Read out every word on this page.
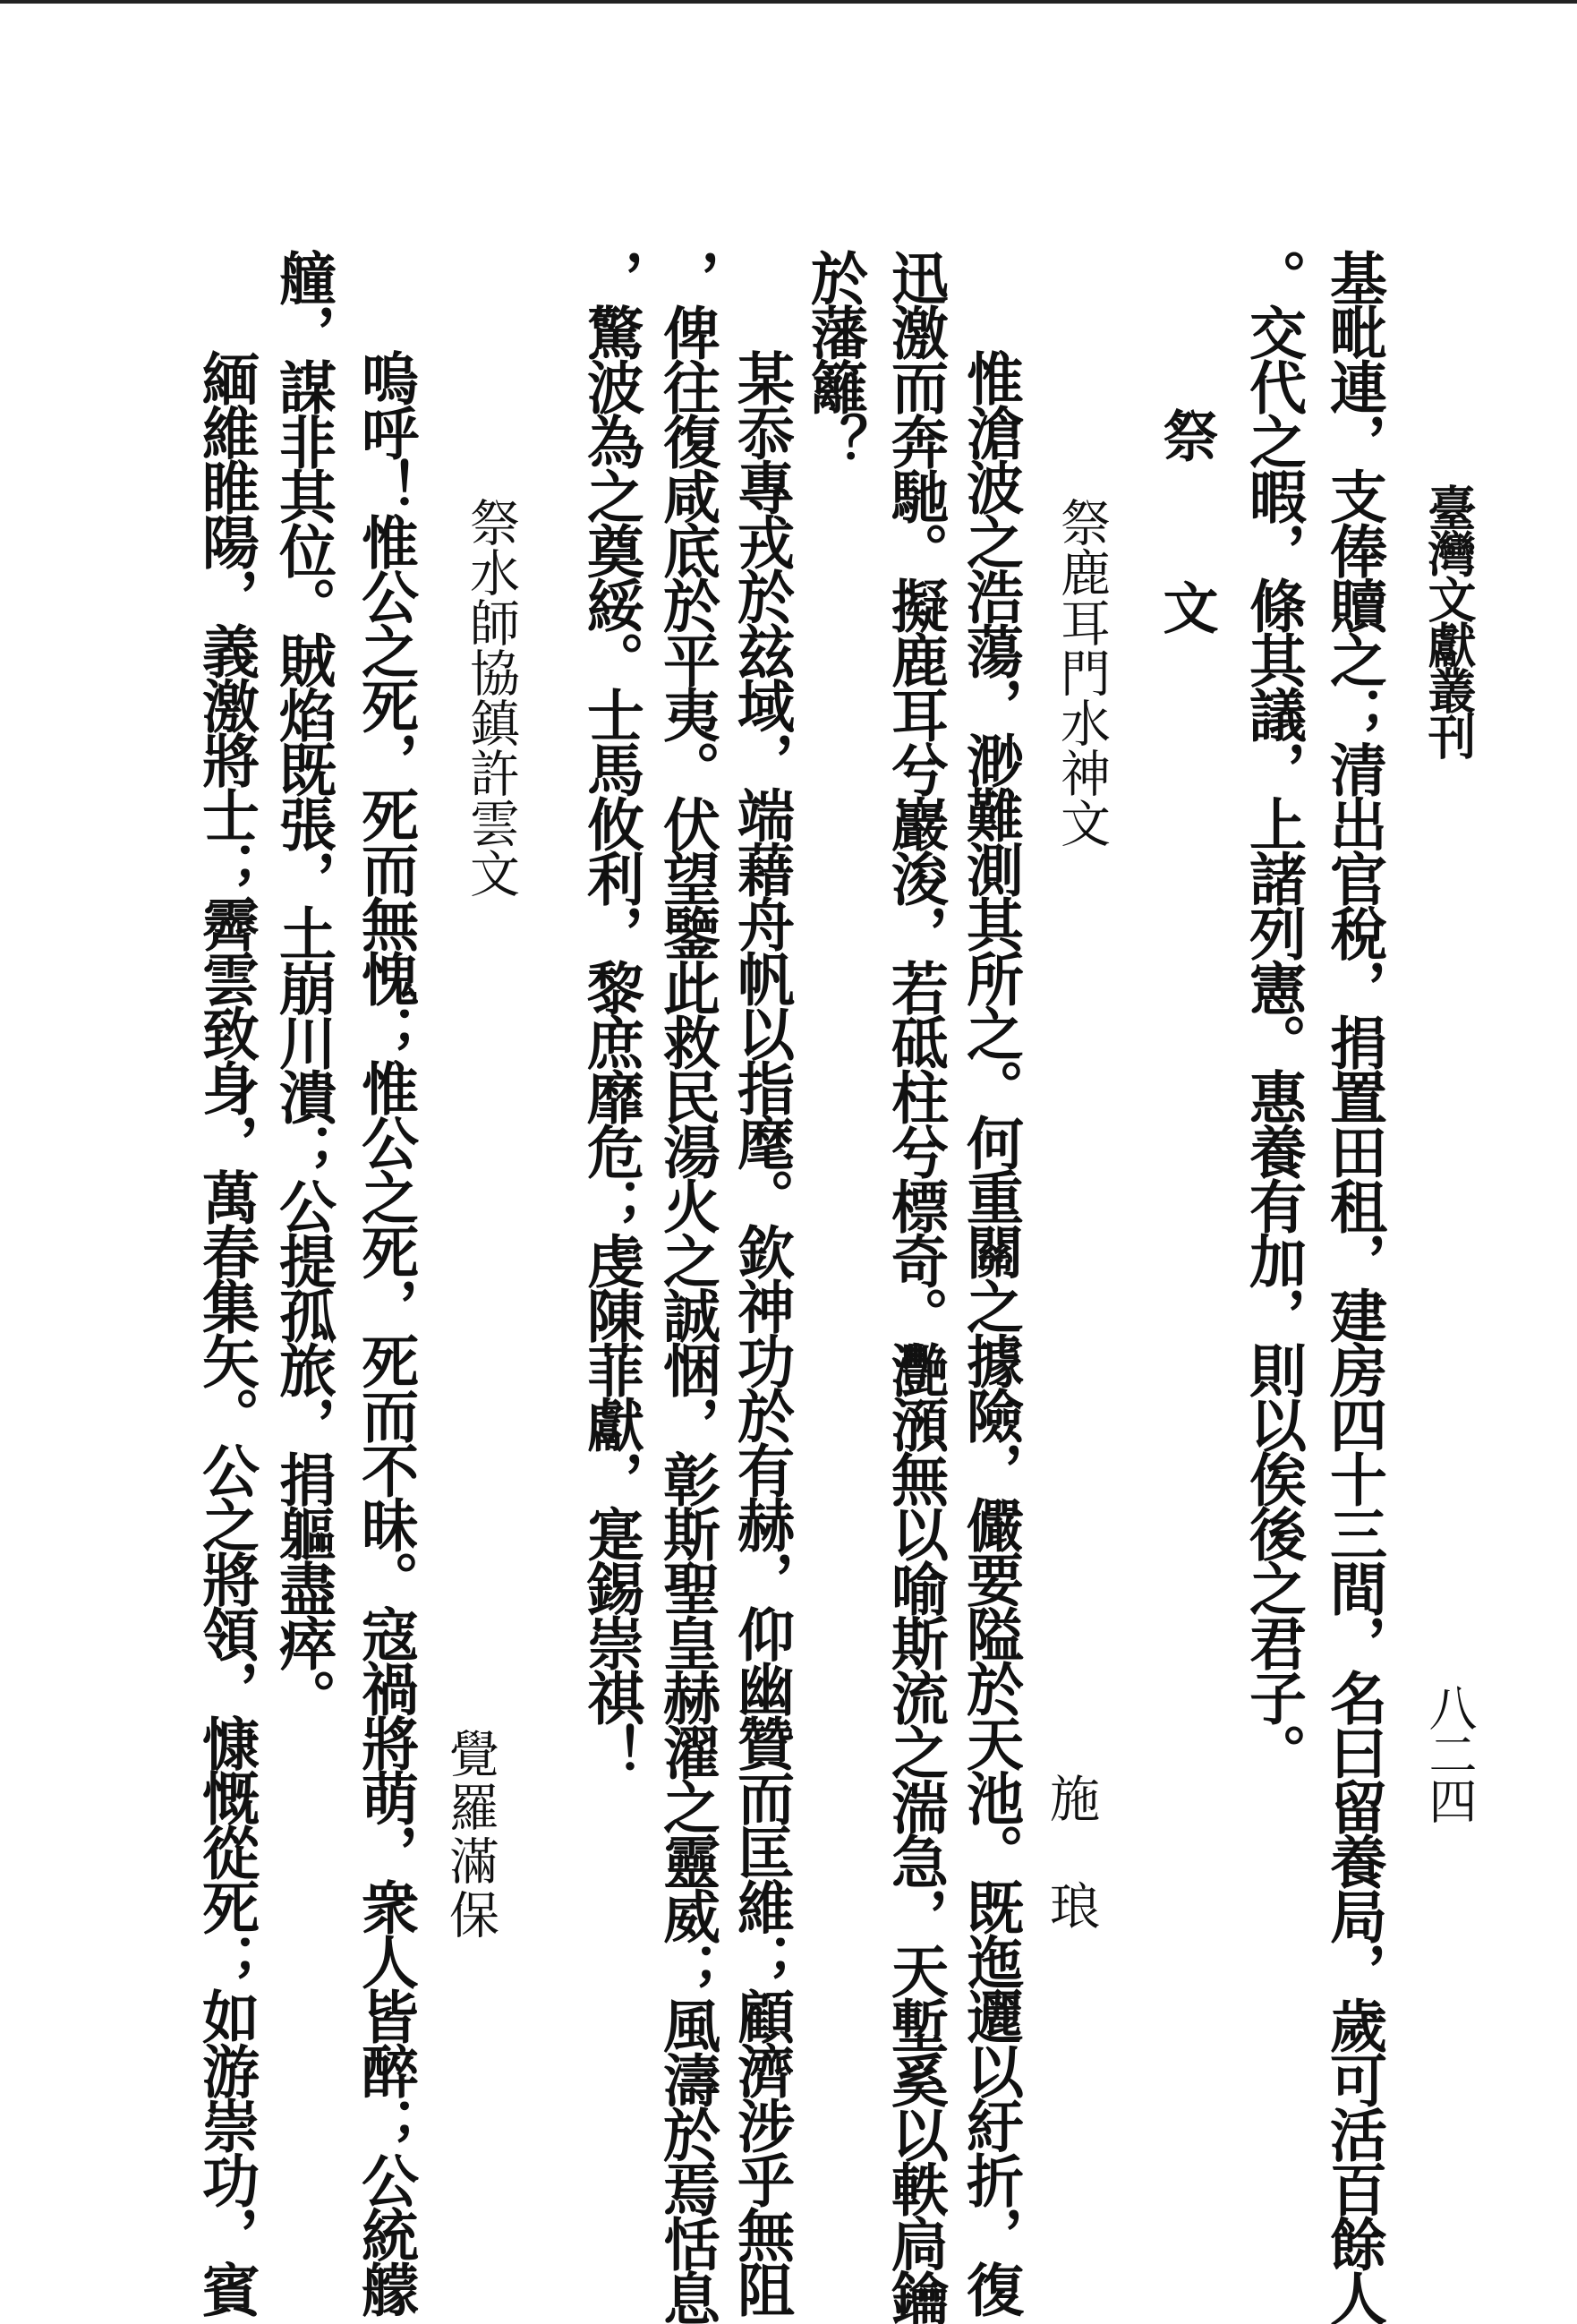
臺灣文獻叢刊
八二四
基毗連，支俸贖之；清出官稅，捐置田租，建房四十三間，名曰留養局，歲可活百餘人
。交代之暇，條其議，上諸列憲。惠養有加，則以俟後之君子。
祭　文
祭鹿耳門水神文
施　琅
惟滄波之浩蕩，渺難測其所之。何重關之據險，儼要隘於天池。既迤邐以紆折，復
迅激而奔馳。擬鹿耳兮巖浚，若砥柱兮標奇。灧澦無以喻斯流之湍急，天塹奚以軼扃鑰
於藩籬？
某忝專戎於玆域，端藉舟帆以指麾。欽神功於有赫，仰幽贊而匡維；顧濟涉乎無阻
，俾往復咸底於平夷。伏望鑒此救民湯火之誠悃，彰斯聖皇赫濯之靈威；風濤於焉恬息
，驚波為之奠綏。士馬攸利，黎庶靡危；虔陳菲獻，寔錫崇祺！
祭水師協鎮許雲文
覺羅滿保
嗚呼！惟公之死，死而無愧；惟公之死，死而不昧。寇禍將萌，衆人皆醉；公統艨
艟，謀非其位。賊焰既張，土崩川潰；公提孤旅，捐軀盡瘁。
緬維睢陽，義激將士；霽雲致身，萬春集矢。公之將領，慷慨從死；如游崇功，賓
